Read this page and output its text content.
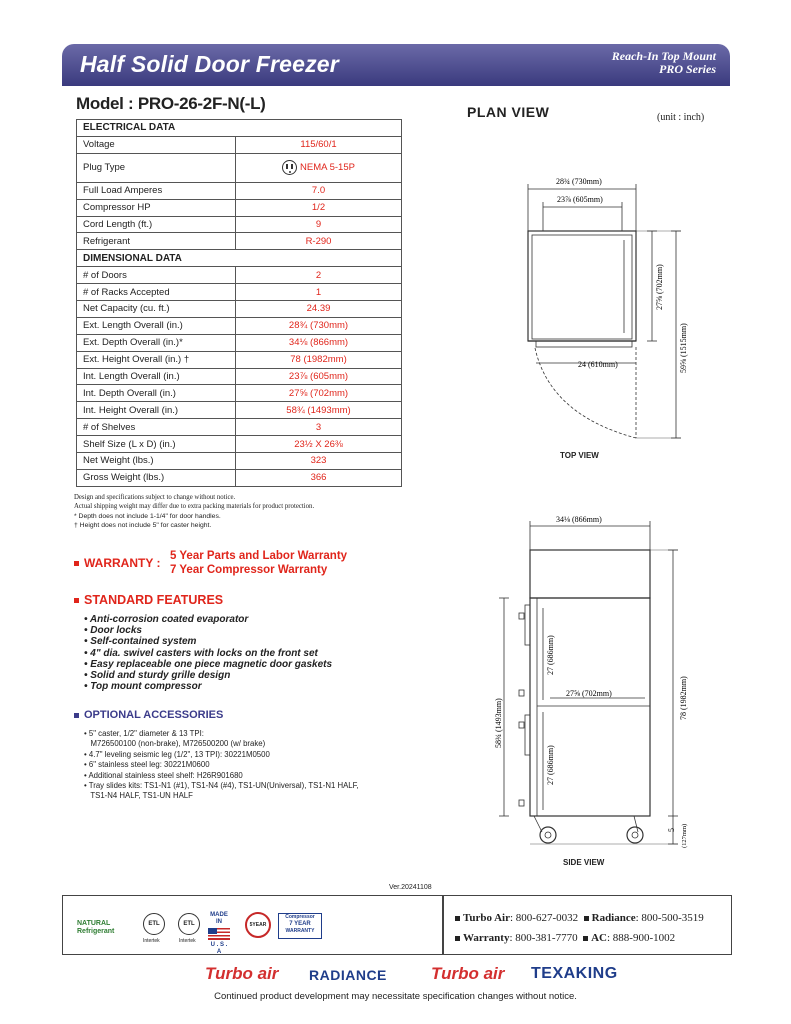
Half Solid Door Freezer	Reach-In Top Mount
PRO Series
Model : PRO-26-2F-N(-L)
ELECTRICAL DATA	
Voltage	115/60/1
Plug Type	NEMA 5-15P
Full Load Amperes	7.0
Compressor HP	1/2
Cord Length (ft.)	9
Refrigerant	R-290
DIMENSIONAL DATA	
# of Doors	2
# of Racks Accepted	1
Net Capacity (cu. ft.)	24.39
Ext. Length Overall (in.)	28¾ (730mm)
Ext. Depth Overall (in.)*	34⅛ (866mm)
Ext. Height Overall (in.) †	78 (1982mm)
Int. Length Overall (in.)	23⅞ (605mm)
Int. Depth Overall (in.)	27⅝ (702mm)
Int. Height Overall (in.)	58¾ (1493mm)
# of Shelves	3
Shelf Size (L x D) (in.)	23½ X 26⅜
Net Weight (lbs.)	323
Gross Weight (lbs.)	366
Design and specifications subject to change without notice.
Actual shipping weight may differ due to extra packing materials for product protection.
* Depth does not include 1-1/4" for door handles.
† Height does not include 5" for caster height.
WARRANTY : 5 Year Parts and Labor Warranty
7 Year Compressor Warranty
STANDARD FEATURES
• Anti-corrosion coated evaporator
• Door locks
• Self-contained system
• 4" dia. swivel casters with locks on the front set
• Easy replaceable one piece magnetic door gaskets
• Solid and sturdy grille design
• Top mount compressor
OPTIONAL ACCESSORIES
• 5" caster, 1/2" diameter & 13 TPI:
M726500100 (non-brake), M726500200 (w/ brake)
• 4.7" leveling seismic leg (1/2", 13 TPI): 30221M0500
• 6" stainless steel leg: 30221M0600
• Additional stainless steel shelf: H26R901680
• Tray slides kits: TS1-N1 (#1), TS1-N4 (#4), TS1-UN(Universal), TS1-N1 HALF,
TS1-N4 HALF, TS1-UN HALF
Ver.20241108
PLAN VIEW	(unit : inch)
28¾ (730mm)
23⅞ (605mm)
24 (610mm)
27⅝ (702mm)
59⅝ (1515mm)
TOP VIEW
34⅛ (866mm)
27⅝ (702mm)
27 (686mm)
27 (686mm)
58¾ (1493mm)
78 (1982mm)
5 (127mm)
SIDE VIEW
NATURAL
Refrigerant
ETL
Intertek
ETL
Intertek
MADE IN
U . S . A
5YEAR
Compressor
7 YEAR
WARRANTY
Turbo Air: 800-627-0032 Radiance: 800-500-3519
Warranty: 800-381-7770 AC: 888-900-1002
Turbo air RADIANCE	Turbo air TEXAKING
Continued product development may necessitate specification changes without notice.
